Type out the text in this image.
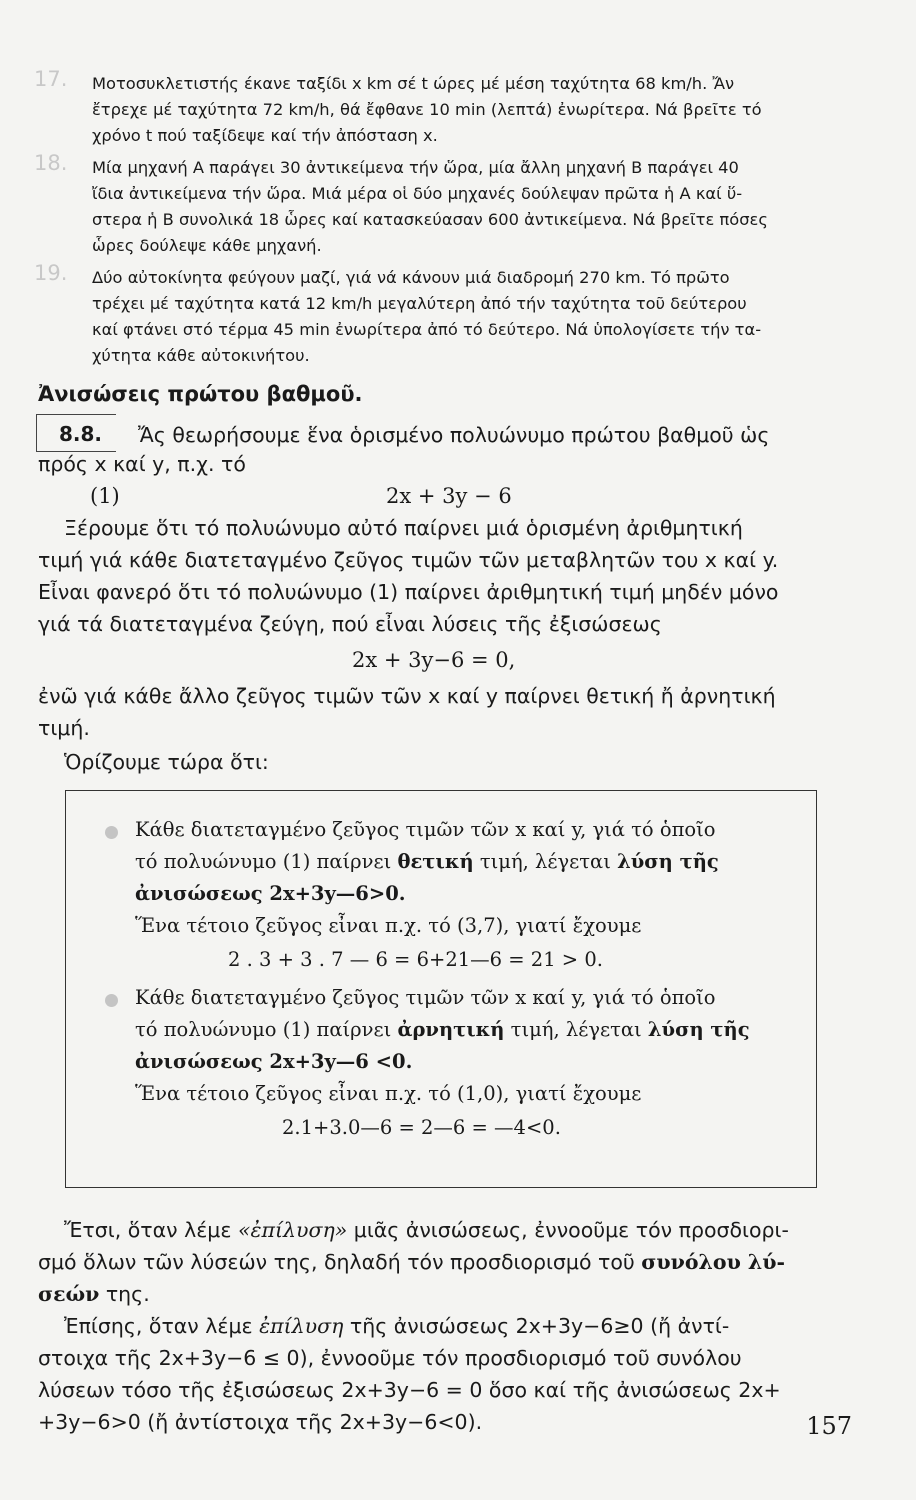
17. Μοτοσυκλετιστής έκανε ταξίδι x km σέ t ώρες μέ μέση ταχύτητα 68 km/h. Ἄν
ἔτρεχε μέ ταχύτητα 72 km/h, θά ἔφθανε 10 min (λεπτά) ἐνωρίτερα. Νά βρεῖτε τό
χρόνο t πού ταξίδεψε καί τήν ἀπόσταση x.
18. Μία μηχανή Α παράγει 30 ἀντικείμενα τήν ὥρα, μία ἄλλη μηχανή Β παράγει 40
ἴδια ἀντικείμενα τήν ὥρα. Μιά μέρα οἱ δύο μηχανές δούλεψαν πρῶτα ἡ Α καί ὕ-
στερα ἡ Β συνολικά 18 ὧρες καί κατασκεύασαν 600 ἀντικείμενα. Νά βρεῖτε πόσες
ὧρες δούλεψε κάθε μηχανή.
19. Δύο αὐτοκίνητα φεύγουν μαζί, γιά νά κάνουν μιά διαδρομή 270 km. Τό πρῶτο
τρέχει μέ ταχύτητα κατά 12 km/h μεγαλύτερη ἀπό τήν ταχύτητα τοῦ δεύτερου
καί φτάνει στό τέρμα 45 min ἐνωρίτερα ἀπό τό δεύτερο. Νά ὑπολογίσετε τήν τα-
χύτητα κάθε αὐτοκινήτου.
Ἀνισώσεις πρώτου βαθμοῦ.
8.8. Ἄς θεωρήσουμε ἕνα ὁρισμένο πολυώνυμο πρώτου βαθμοῦ ὡς
πρός x καί y, π.χ. τό
(1)	2x + 3y − 6
Ξέρουμε ὅτι τό πολυώνυμο αὐτό παίρνει μιά ὁρισμένη ἀριθμητική
τιμή γιά κάθε διατεταγμένο ζεῦγος τιμῶν τῶν μεταβλητῶν του x καί y.
Εἶναι φανερό ὅτι τό πολυώνυμο (1) παίρνει ἀριθμητική τιμή μηδέν μόνο
γιά τά διατεταγμένα ζεύγη, πού εἶναι λύσεις τῆς ἐξισώσεως
2x + 3y−6 = 0,
ἐνῶ γιά κάθε ἄλλο ζεῦγος τιμῶν τῶν x καί y παίρνει θετική ἤ ἀρνητική
τιμή.
Ὁρίζουμε τώρα ὅτι:
Κάθε διατεταγμένο ζεῦγος τιμῶν τῶν x καί y, γιά τό ὁποῖο
τό πολυώνυμο (1) παίρνει θετική τιμή, λέγεται λύση τῆς
ἀνισώσεως 2x+3y—6>0.
Ἕνα τέτοιο ζεῦγος εἶναι π.χ. τό (3,7), γιατί ἔχουμε
2 . 3 + 3 . 7 — 6 = 6+21—6 = 21 > 0.
Κάθε διατεταγμένο ζεῦγος τιμῶν τῶν x καί y, γιά τό ὁποῖο
τό πολυώνυμο (1) παίρνει ἀρνητική τιμή, λέγεται λύση τῆς
ἀνισώσεως 2x+3y—6 <0.
Ἕνα τέτοιο ζεῦγος εἶναι π.χ. τό (1,0), γιατί ἔχουμε
2.1+3.0—6 = 2—6 = —4<0.
Ἔτσι, ὅταν λέμε «ἐπίλυση» μιᾶς ἀνισώσεως, ἐννοοῦμε τόν προσδιορι-
σμό ὅλων τῶν λύσεών της, δηλαδή τόν προσδιορισμό τοῦ συνόλου λύ-
σεών της.
Ἐπίσης, ὅταν λέμε ἐπίλυση τῆς ἀνισώσεως 2x+3y−6≥0 (ἤ ἀντί-
στοιχα τῆς 2x+3y−6 ≤ 0), ἐννοοῦμε τόν προσδιορισμό τοῦ συνόλου
λύσεων τόσο τῆς ἐξισώσεως 2x+3y−6 = 0 ὅσο καί τῆς ἀνισώσεως 2x+
+3y−6>0 (ἤ ἀντίστοιχα τῆς 2x+3y−6<0).	157
